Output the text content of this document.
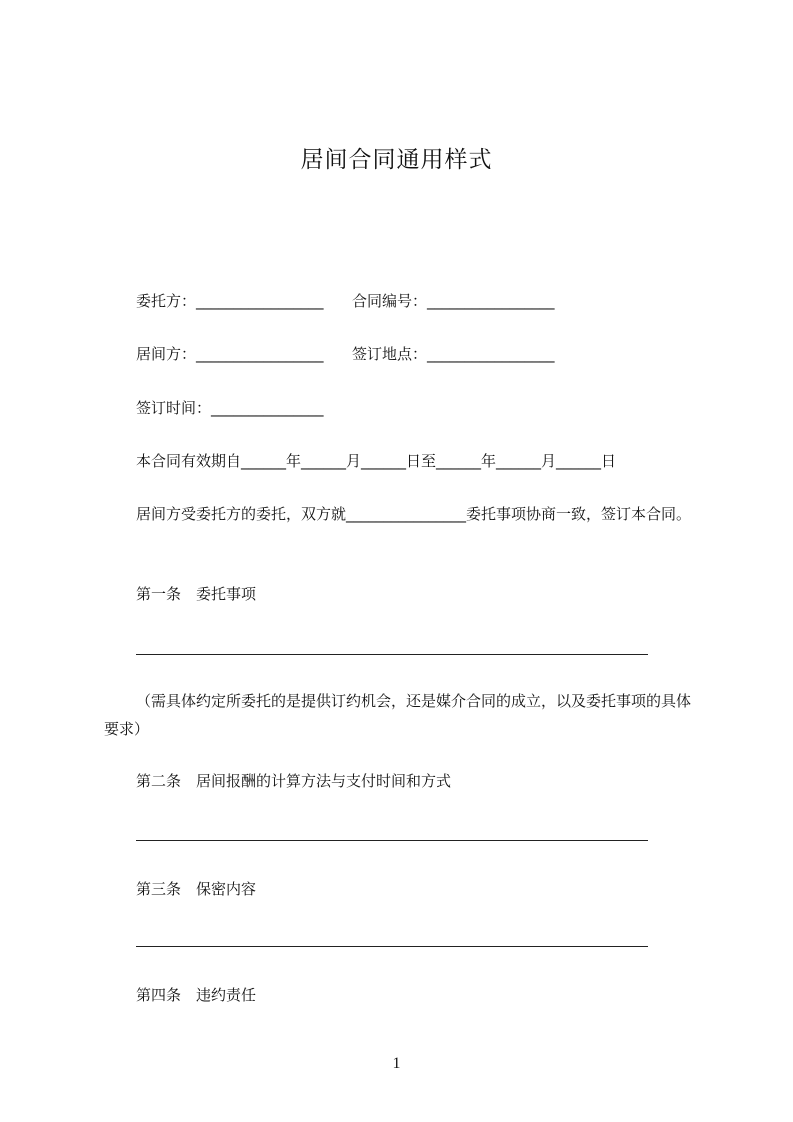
居间合同通用样式
委托方：_________________ 合同编号：_________________
居间方：_________________ 签订地点：_________________
签订时间：_______________
本合同有效期自______年______月______日至______年______月______日
居间方受委托方的委托，双方就________________委托事项协商一致，签订本合同。
第一条　委托事项
（需具体约定所委托的是提供订约机会，还是媒介合同的成立，以及委托事项的具体要求）
第二条　居间报酬的计算方法与支付时间和方式
第三条　保密内容
第四条　违约责任
1
